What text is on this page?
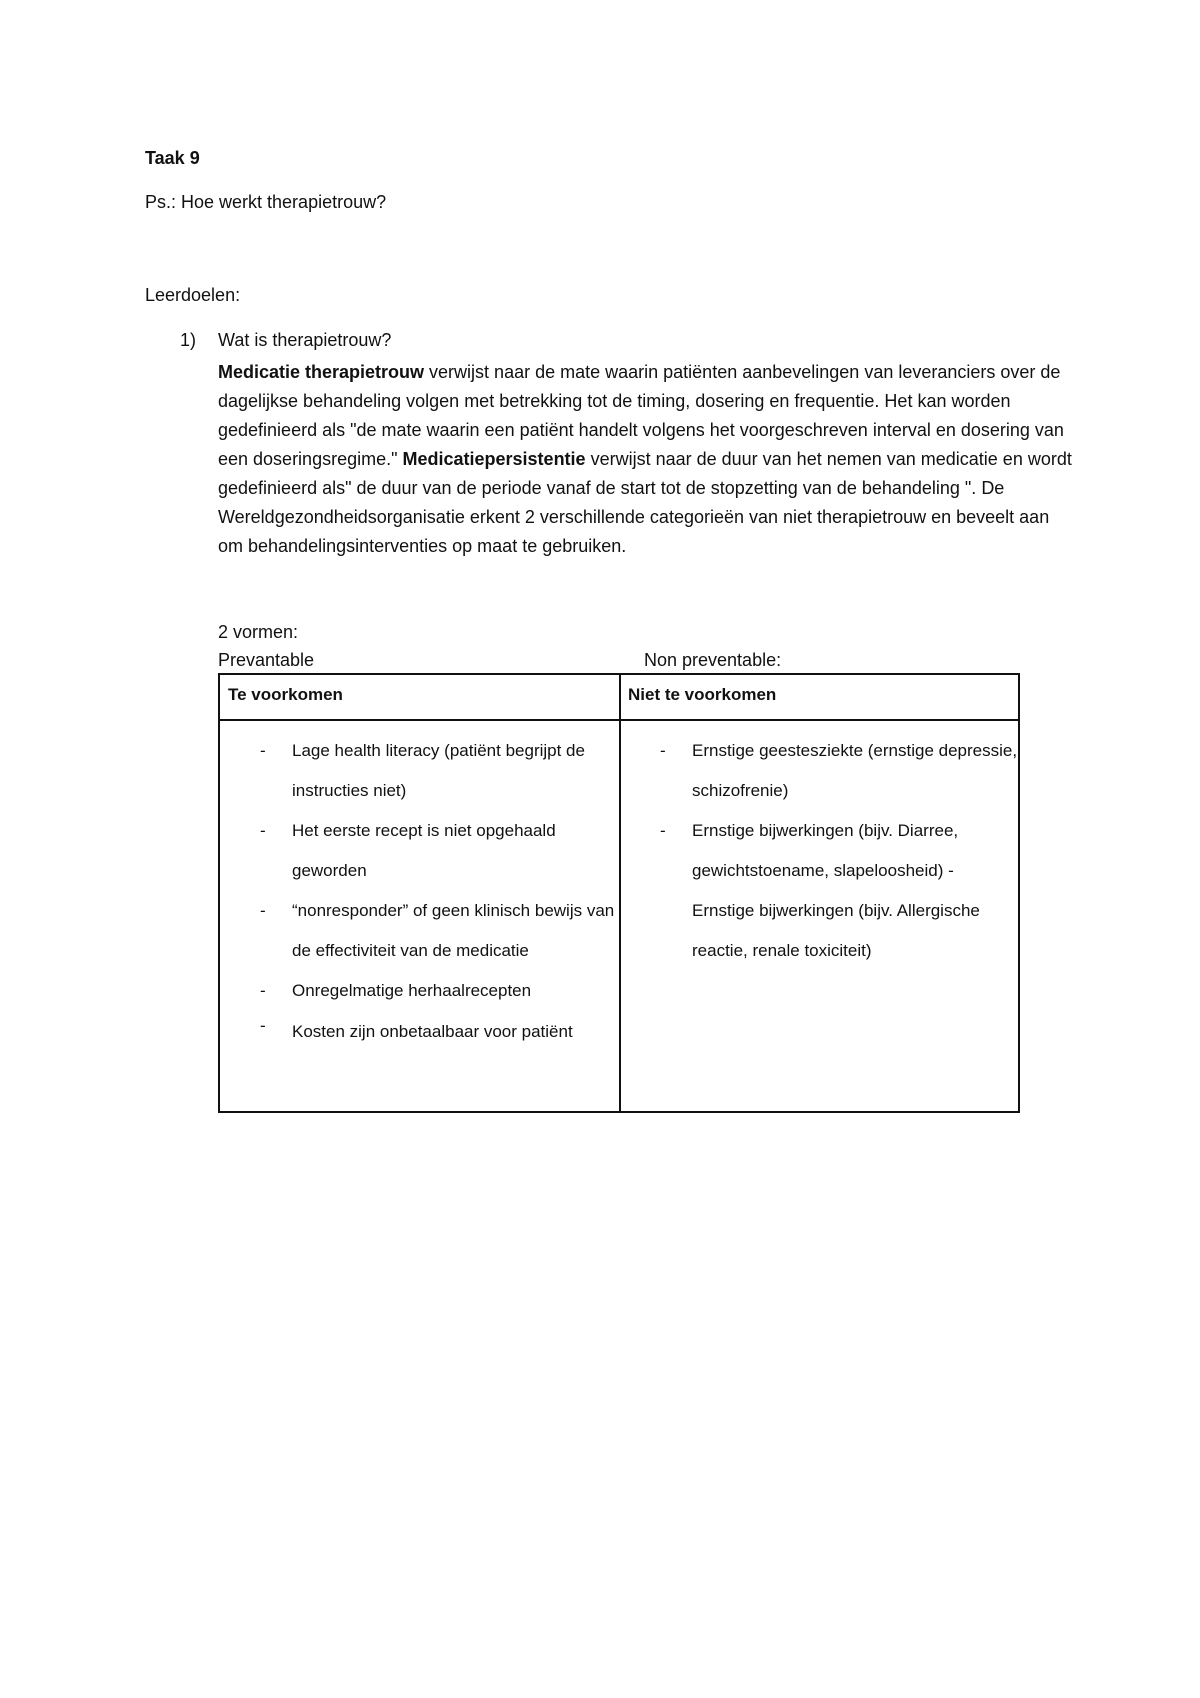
Taak 9
Ps.: Hoe werkt therapietrouw?
Leerdoelen:
1) Wat is therapietrouw?
Medicatie therapietrouw verwijst naar de mate waarin patiënten aanbevelingen van leveranciers over de dagelijkse behandeling volgen met betrekking tot de timing, dosering en frequentie. Het kan worden gedefinieerd als "de mate waarin een patiënt handelt volgens het voorgeschreven interval en dosering van een doseringsregime." Medicatiepersistentie verwijst naar de duur van het nemen van medicatie en wordt gedefinieerd als" de duur van de periode vanaf de start tot de stopzetting van de behandeling ". De Wereldgezondheidsorganisatie erkent 2 verschillende categorieën van niet therapietrouw en beveelt aan om behandelingsinterventies op maat te gebruiken.
2 vormen:
Prevantable	Non preventable:
Te voorkomen	Niet te voorkomen
- Lage health literacy (patiënt begrijpt de instructies niet)
- Het eerste recept is niet opgehaald geworden
- “nonresponder” of geen klinisch bewijs van de effectiviteit van de medicatie
- Onregelmatige herhaalrecepten
- Kosten zijn onbetaalbaar voor patiënt
- Ernstige geestesziekte (ernstige depressie, schizofrenie)
- Ernstige bijwerkingen (bijv. Diarree, gewichtstoename, slapeloosheid) - Ernstige bijwerkingen (bijv. Allergische reactie, renale toxiciteit)
